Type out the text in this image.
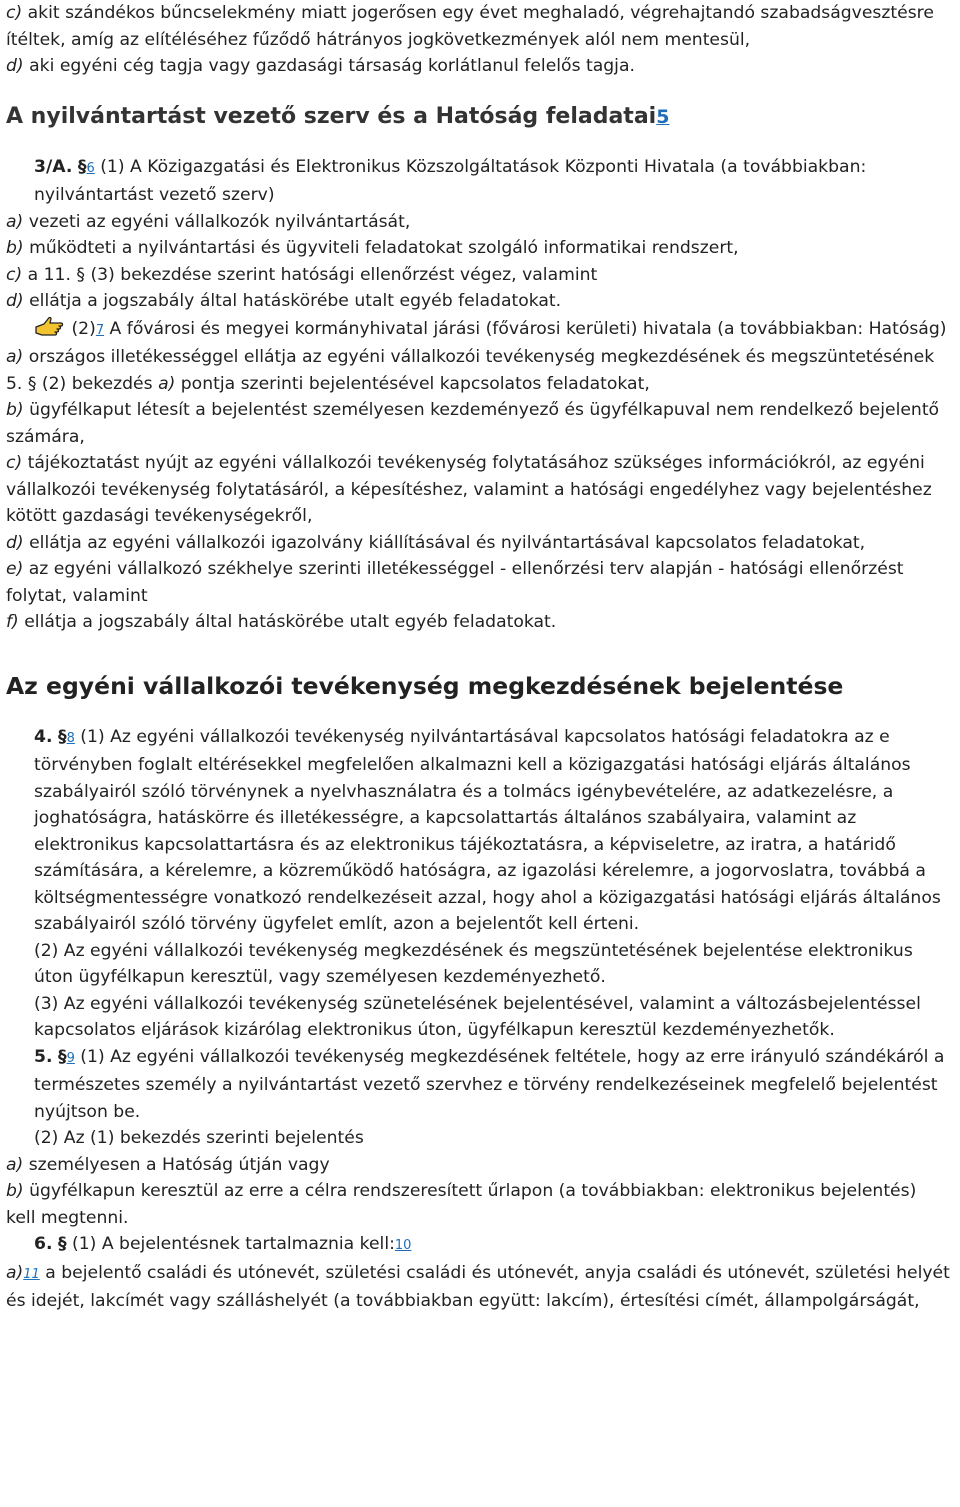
c) akit szándékos bűncselekmény miatt jogerősen egy évet meghaladó, végrehajtandó szabadságvesztésre ítéltek, amíg az elítéléséhez fűződő hátrányos jogkövetkezmények alól nem mentesül,

d) aki egyéni cég tagja vagy gazdasági társaság korlátlanul felelős tagja.

A nyilvántartást vezető szerv és a Hatóság feladatai5

3/A. §6 (1) A Közigazgatási és Elektronikus Közszolgáltatások Központi Hivatala (a továbbiakban: nyilvántartást vezető szerv)

a) vezeti az egyéni vállalkozók nyilvántartását,

b) működteti a nyilvántartási és ügyviteli feladatokat szolgáló informatikai rendszert,

c) a 11. § (3) bekezdése szerint hatósági ellenőrzést végez, valamint

d) ellátja a jogszabály által hatáskörébe utalt egyéb feladatokat.

(2)7 A fővárosi és megyei kormányhivatal járási (fővárosi kerületi) hivatala (a továbbiakban: Hatóság)

a) országos illetékességgel ellátja az egyéni vállalkozói tevékenység megkezdésének és megszüntetésének 5. § (2) bekezdés a) pontja szerinti bejelentésével kapcsolatos feladatokat,

b) ügyfélkaput létesít a bejelentést személyesen kezdeményező és ügyfélkapuval nem rendelkező bejelentő számára,

c) tájékoztatást nyújt az egyéni vállalkozói tevékenység folytatásához szükséges információkról, az egyéni vállalkozói tevékenység folytatásáról, a képesítéshez, valamint a hatósági engedélyhez vagy bejelentéshez kötött gazdasági tevékenységekről,

d) ellátja az egyéni vállalkozói igazolvány kiállításával és nyilvántartásával kapcsolatos feladatokat,

e) az egyéni vállalkozó székhelye szerinti illetékességgel - ellenőrzési terv alapján - hatósági ellenőrzést folytat, valamint

f) ellátja a jogszabály által hatáskörébe utalt egyéb feladatokat.

Az egyéni vállalkozói tevékenység megkezdésének bejelentése

4. §8 (1) Az egyéni vállalkozói tevékenység nyilvántartásával kapcsolatos hatósági feladatokra az e törvényben foglalt eltérésekkel megfelelően alkalmazni kell a közigazgatási hatósági eljárás általános szabályairól szóló törvénynek a nyelvhasználatra és a tolmács igénybevételére, az adatkezelésre, a joghatóságra, hatáskörre és illetékességre, a kapcsolattartás általános szabályaira, valamint az elektronikus kapcsolattartásra és az elektronikus tájékoztatásra, a képviseletre, az iratra, a határidő számítására, a kérelemre, a közreműködő hatóságra, az igazolási kérelemre, a jogorvoslatra, továbbá a költségmentességre vonatkozó rendelkezéseit azzal, hogy ahol a közigazgatási hatósági eljárás általános szabályairól szóló törvény ügyfelet említ, azon a bejelentőt kell érteni.

(2) Az egyéni vállalkozói tevékenység megkezdésének és megszüntetésének bejelentése elektronikus úton ügyfélkapun keresztül, vagy személyesen kezdeményezhető.

(3) Az egyéni vállalkozói tevékenység szünetelésének bejelentésével, valamint a változásbejelentéssel kapcsolatos eljárások kizárólag elektronikus úton, ügyfélkapun keresztül kezdeményezhetők.

5. §9 (1) Az egyéni vállalkozói tevékenység megkezdésének feltétele, hogy az erre irányuló szándékáról a természetes személy a nyilvántartást vezető szervhez e törvény rendelkezéseinek megfelelő bejelentést nyújtson be.

(2) Az (1) bekezdés szerinti bejelentés

a) személyesen a Hatóság útján vagy

b) ügyfélkapun keresztül az erre a célra rendszeresített űrlapon (a továbbiakban: elektronikus bejelentés)

kell megtenni.

6. § (1) A bejelentésnek tartalmaznia kell:10

a)11 a bejelentő családi és utónevét, születési családi és utónevét, anyja családi és utónevét, születési helyét és idejét, lakcímét vagy szálláshelyét (a továbbiakban együtt: lakcím), értesítési címét, állampolgárságát,
